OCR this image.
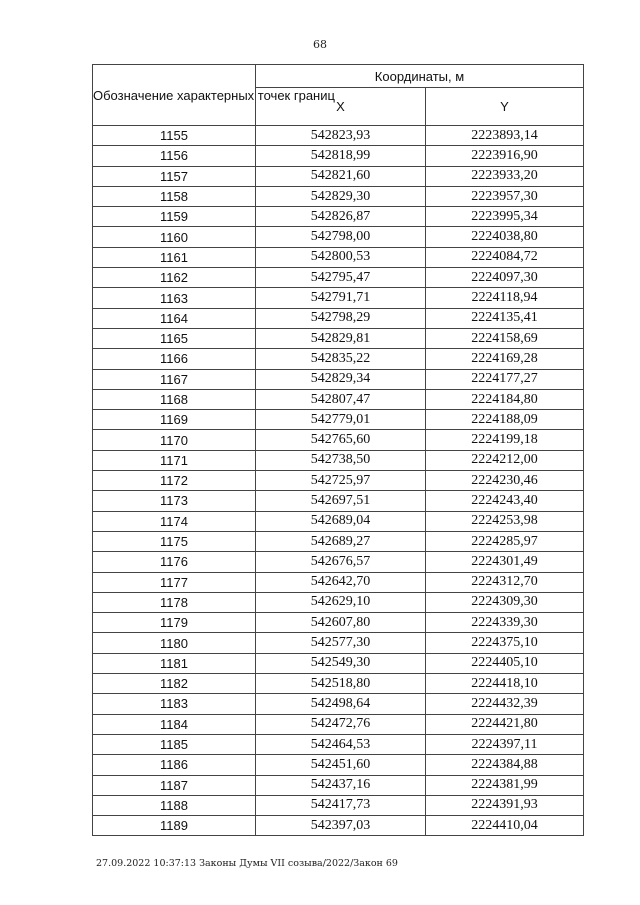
68
Обозначение характерных точек границ	Координаты, м	
	X	Y
1155	542823,93	2223893,14
1156	542818,99	2223916,90
1157	542821,60	2223933,20
1158	542829,30	2223957,30
1159	542826,87	2223995,34
1160	542798,00	2224038,80
1161	542800,53	2224084,72
1162	542795,47	2224097,30
1163	542791,71	2224118,94
1164	542798,29	2224135,41
1165	542829,81	2224158,69
1166	542835,22	2224169,28
1167	542829,34	2224177,27
1168	542807,47	2224184,80
1169	542779,01	2224188,09
1170	542765,60	2224199,18
1171	542738,50	2224212,00
1172	542725,97	2224230,46
1173	542697,51	2224243,40
1174	542689,04	2224253,98
1175	542689,27	2224285,97
1176	542676,57	2224301,49
1177	542642,70	2224312,70
1178	542629,10	2224309,30
1179	542607,80	2224339,30
1180	542577,30	2224375,10
1181	542549,30	2224405,10
1182	542518,80	2224418,10
1183	542498,64	2224432,39
1184	542472,76	2224421,80
1185	542464,53	2224397,11
1186	542451,60	2224384,88
1187	542437,16	2224381,99
1188	542417,73	2224391,93
1189	542397,03	2224410,04
27.09.2022 10:37:13 Законы Думы VII созыва/2022/Закон 69
